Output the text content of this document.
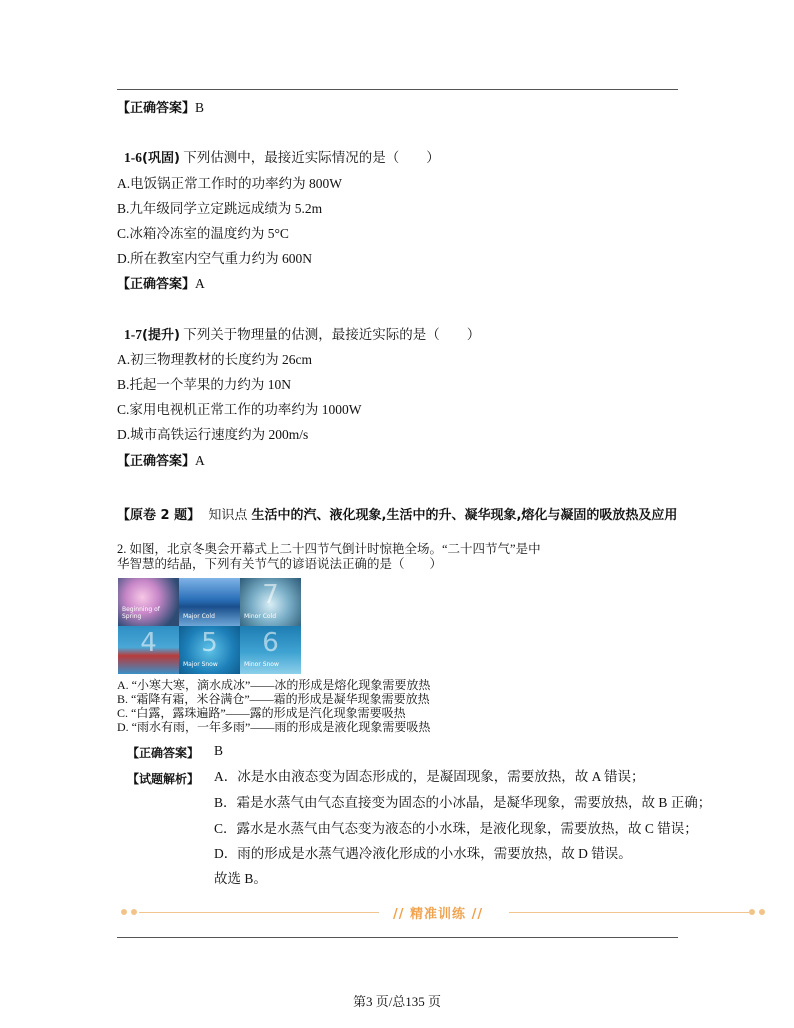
【正确答案】B
1-6(巩固) 下列估测中，最接近实际情况的是（　　）
A.电饭锅正常工作时的功率约为 800W
B.九年级同学立定跳远成绩为 5.2m
C.冰箱冷冻室的温度约为 5°C
D.所在教室内空气重力约为 600N
【正确答案】A
1-7(提升) 下列关于物理量的估测，最接近实际的是（　　）
A.初三物理教材的长度约为 26cm
B.托起一个苹果的力约为 10N
C.家用电视机正常工作的功率约为 1000W
D.城市高铁运行速度约为 200m/s
【正确答案】A
【原卷 2 题】 知识点 生活中的汽、液化现象,生活中的升、凝华现象,熔化与凝固的吸放热及应用
2. 如图，北京冬奥会开幕式上二十四节气倒计时惊艳全场。“二十四节气”是中
华智慧的结晶，下列有关节气的谚语说法正确的是（　　）
Beginning of Spring	Major Cold
7
Minor Cold
4 5
Major Snow
6
Minor Snow
A. “小寒大寒，滴水成冰”——冰的形成是熔化现象需要放热
B. “霜降有霜，米谷满仓”——霜的形成是凝华现象需要放热
C. “白露，露珠遍路”——露的形成是汽化现象需要吸热
D. “雨水有雨，一年多雨”——雨的形成是液化现象需要吸热
【正确答案】 B
【试题解析】 A．冰是水由液态变为固态形成的，是凝固现象，需要放热，故 A 错误；
B．霜是水蒸气由气态直接变为固态的小冰晶，是凝华现象，需要放热，故 B 正确；
C．露水是水蒸气由气态变为液态的小水珠，是液化现象，需要放热，故 C 错误；
D．雨的形成是水蒸气遇冷液化形成的小水珠，需要放热，故 D 错误。
故选 B。
// 精准训练 //
第3 页/总135 页
